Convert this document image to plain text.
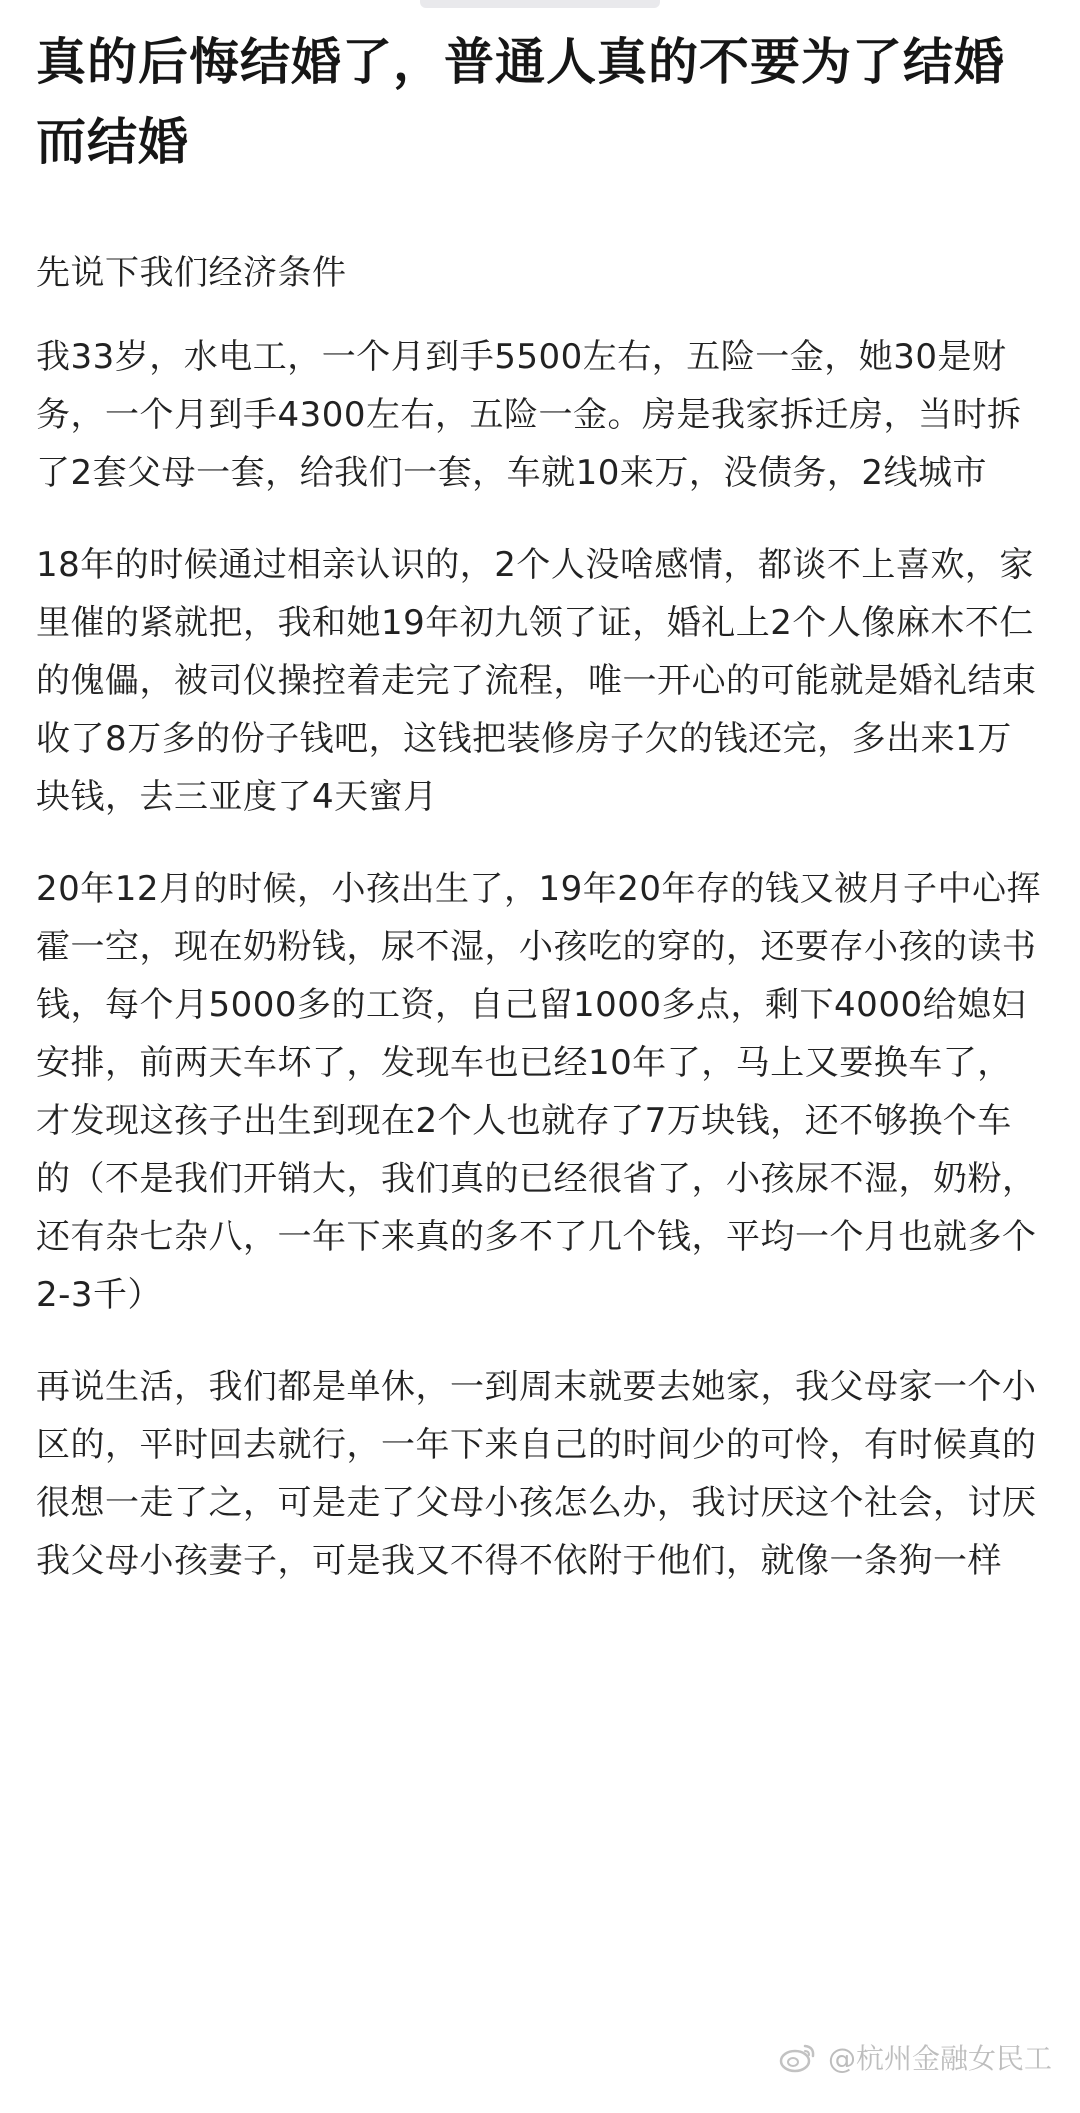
真的后悔结婚了，普通人真的不要为了结婚而结婚

先说下我们经济条件

我33岁，水电工，一个月到手5500左右，五险一金，她30是财务，一个月到手4300左右，五险一金。房是我家拆迁房，当时拆了2套父母一套，给我们一套，车就10来万，没债务，2线城市

18年的时候通过相亲认识的，2个人没啥感情，都谈不上喜欢，家里催的紧就把，我和她19年初九领了证，婚礼上2个人像麻木不仁的傀儡，被司仪操控着走完了流程，唯一开心的可能就是婚礼结束收了8万多的份子钱吧，这钱把装修房子欠的钱还完，多出来1万块钱，去三亚度了4天蜜月

20年12月的时候，小孩出生了，19年20年存的钱又被月子中心挥霍一空，现在奶粉钱，尿不湿，小孩吃的穿的，还要存小孩的读书钱，每个月5000多的工资，自己留1000多点，剩下4000给媳妇安排，前两天车坏了，发现车也已经10年了，马上又要换车了，才发现这孩子出生到现在2个人也就存了7万块钱，还不够换个车的（不是我们开销大，我们真的已经很省了，小孩尿不湿，奶粉，还有杂七杂八，一年下来真的多不了几个钱，平均一个月也就多个2-3千）

再说生活，我们都是单休，一到周末就要去她家，我父母家一个小区的，平时回去就行，一年下来自己的时间少的可怜，有时候真的很想一走了之，可是走了父母小孩怎么办，我讨厌这个社会，讨厌我父母小孩妻子，可是我又不得不依附于他们，就像一条狗一样

@杭州金融女民工
